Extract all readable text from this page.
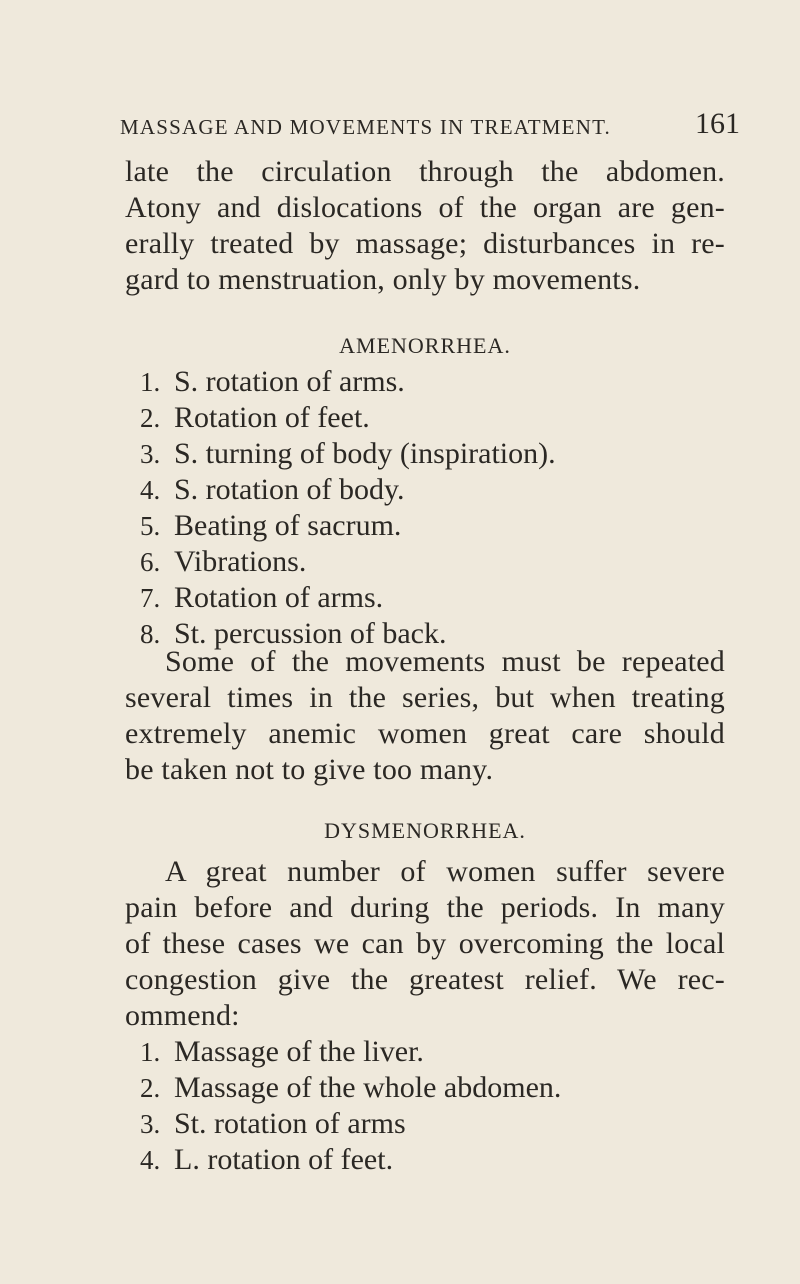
MASSAGE AND MOVEMENTS IN TREATMENT.	161
late the circulation through the abdomen.
Atony and dislocations of the organ are gen-
erally treated by massage; disturbances in re-
gard to menstruation, only by movements.
AMENORRHEA.
1. S. rotation of arms.
2. Rotation of feet.
3. S. turning of body (inspiration).
4. S. rotation of body.
5. Beating of sacrum.
6. Vibrations.
7. Rotation of arms.
8. St. percussion of back.
Some of the movements must be repeated
several times in the series, but when treating
extremely anemic women great care should
be taken not to give too many.
DYSMENORRHEA.
A great number of women suffer severe
pain before and during the periods. In many
of these cases we can by overcoming the local
congestion give the greatest relief. We rec-
ommend:
1. Massage of the liver.
2. Massage of the whole abdomen.
3. St. rotation of arms
4. L. rotation of feet.
